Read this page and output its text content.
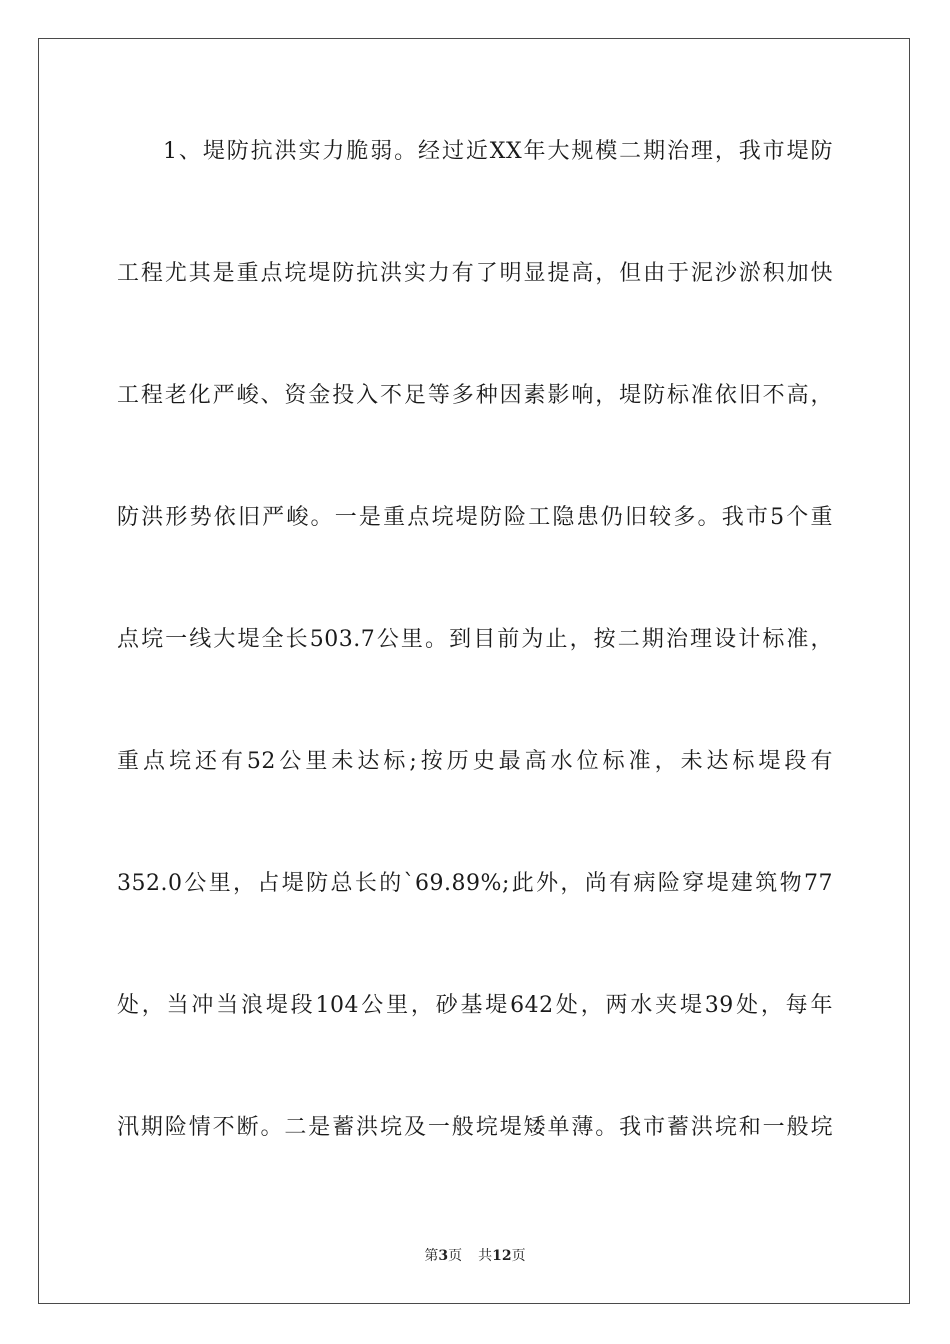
1、堤防抗洪实力脆弱。经过近XX年大规模二期治理，我市堤防
工程尤其是重点垸堤防抗洪实力有了明显提高，但由于泥沙淤积加快
工程老化严峻、资金投入不足等多种因素影响，堤防标准依旧不高，
防洪形势依旧严峻。一是重点垸堤防险工隐患仍旧较多。我市5个重
点垸一线大堤全长503.7公里。到目前为止，按二期治理设计标准，
重点垸还有52公里未达标;按历史最高水位标准，未达标堤段有
352.0公里，占堤防总长的`69.89%;此外，尚有病险穿堤建筑物77
处，当冲当浪堤段104公里，砂基堤642处，两水夹堤39处，每年
汛期险情不断。二是蓄洪垸及一般垸堤矮单薄。我市蓄洪垸和一般垸
第3页 共12页
